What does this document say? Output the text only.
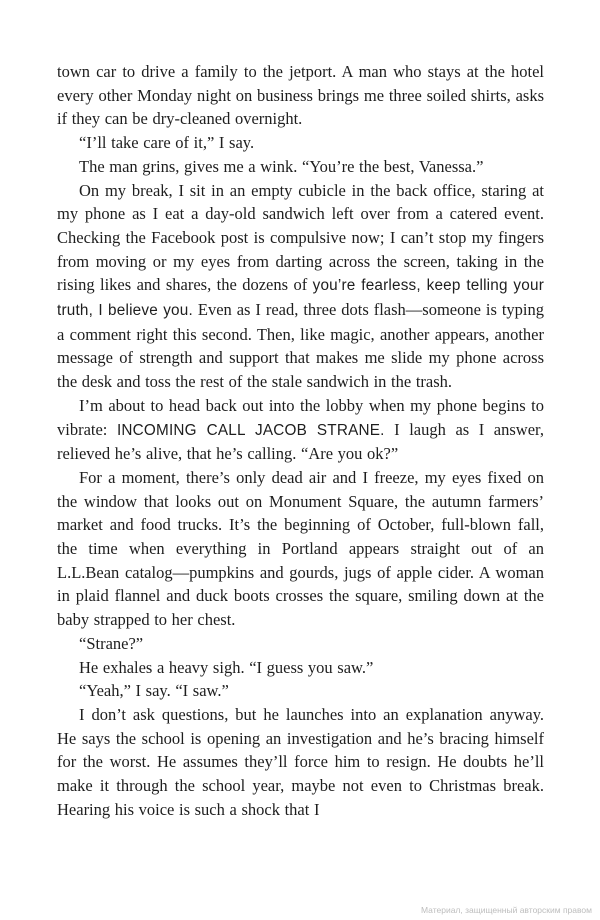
town car to drive a family to the jetport. A man who stays at the hotel every other Monday night on business brings me three soiled shirts, asks if they can be dry-cleaned overnight.

“I’ll take care of it,” I say.

The man grins, gives me a wink. “You’re the best, Vanessa.”

On my break, I sit in an empty cubicle in the back office, staring at my phone as I eat a day-old sandwich left over from a catered event. Checking the Facebook post is compulsive now; I can’t stop my fingers from moving or my eyes from darting across the screen, taking in the rising likes and shares, the dozens of you’re fearless, keep telling your truth, I believe you. Even as I read, three dots flash—someone is typing a comment right this second. Then, like magic, another appears, another message of strength and support that makes me slide my phone across the desk and toss the rest of the stale sandwich in the trash.

I’m about to head back out into the lobby when my phone begins to vibrate: INCOMING CALL JACOB STRANE. I laugh as I answer, relieved he’s alive, that he’s calling. “Are you ok?”

For a moment, there’s only dead air and I freeze, my eyes fixed on the window that looks out on Monument Square, the autumn farmers’ market and food trucks. It’s the beginning of October, full-blown fall, the time when everything in Portland appears straight out of an L.L.Bean catalog—pumpkins and gourds, jugs of apple cider. A woman in plaid flannel and duck boots crosses the square, smiling down at the baby strapped to her chest.

“Strane?”

He exhales a heavy sigh. “I guess you saw.”

“Yeah,” I say. “I saw.”

I don’t ask questions, but he launches into an explanation anyway. He says the school is opening an investigation and he’s bracing himself for the worst. He assumes they’ll force him to resign. He doubts he’ll make it through the school year, maybe not even to Christmas break. Hearing his voice is such a shock that I

Материал, защищенный авторским правом
